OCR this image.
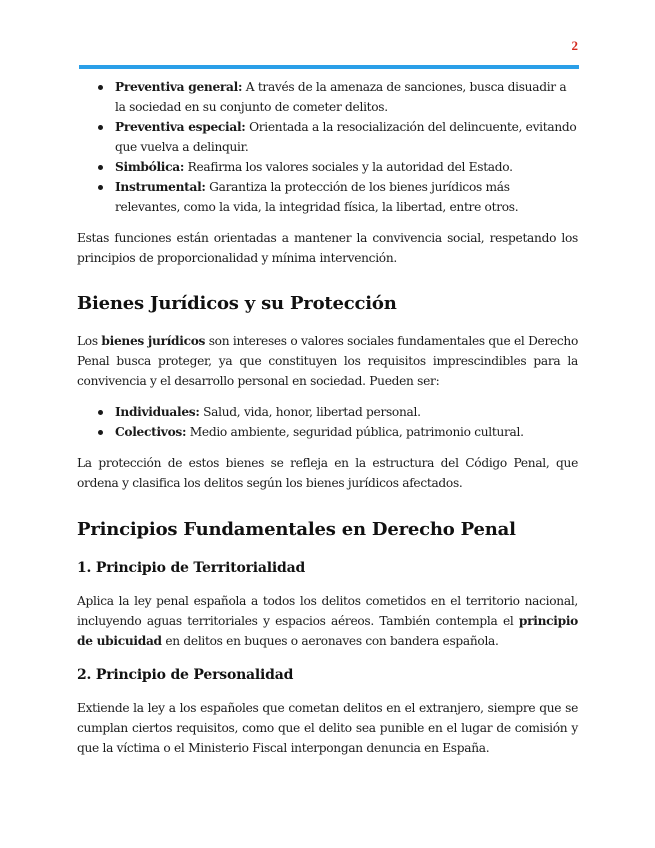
2
Preventiva general: A través de la amenaza de sanciones, busca disuadir a la sociedad en su conjunto de cometer delitos.
Preventiva especial: Orientada a la resocialización del delincuente, evitando que vuelva a delinquir.
Simbólica: Reafirma los valores sociales y la autoridad del Estado.
Instrumental: Garantiza la protección de los bienes jurídicos más relevantes, como la vida, la integridad física, la libertad, entre otros.

Estas funciones están orientadas a mantener la convivencia social, respetando los principios de proporcionalidad y mínima intervención.

Bienes Jurídicos y su Protección

Los bienes jurídicos son intereses o valores sociales fundamentales que el Derecho Penal busca proteger, ya que constituyen los requisitos imprescindibles para la convivencia y el desarrollo personal en sociedad. Pueden ser:

Individuales: Salud, vida, honor, libertad personal.
Colectivos: Medio ambiente, seguridad pública, patrimonio cultural.

La protección de estos bienes se refleja en la estructura del Código Penal, que ordena y clasifica los delitos según los bienes jurídicos afectados.

Principios Fundamentales en Derecho Penal
1. Principio de Territorialidad

Aplica la ley penal española a todos los delitos cometidos en el territorio nacional, incluyendo aguas territoriales y espacios aéreos. También contempla el principio de ubicuidad en delitos en buques o aeronaves con bandera española.

2. Principio de Personalidad

Extiende la ley a los españoles que cometan delitos en el extranjero, siempre que se cumplan ciertos requisitos, como que el delito sea punible en el lugar de comisión y que la víctima o el Ministerio Fiscal interpongan denuncia en España.
